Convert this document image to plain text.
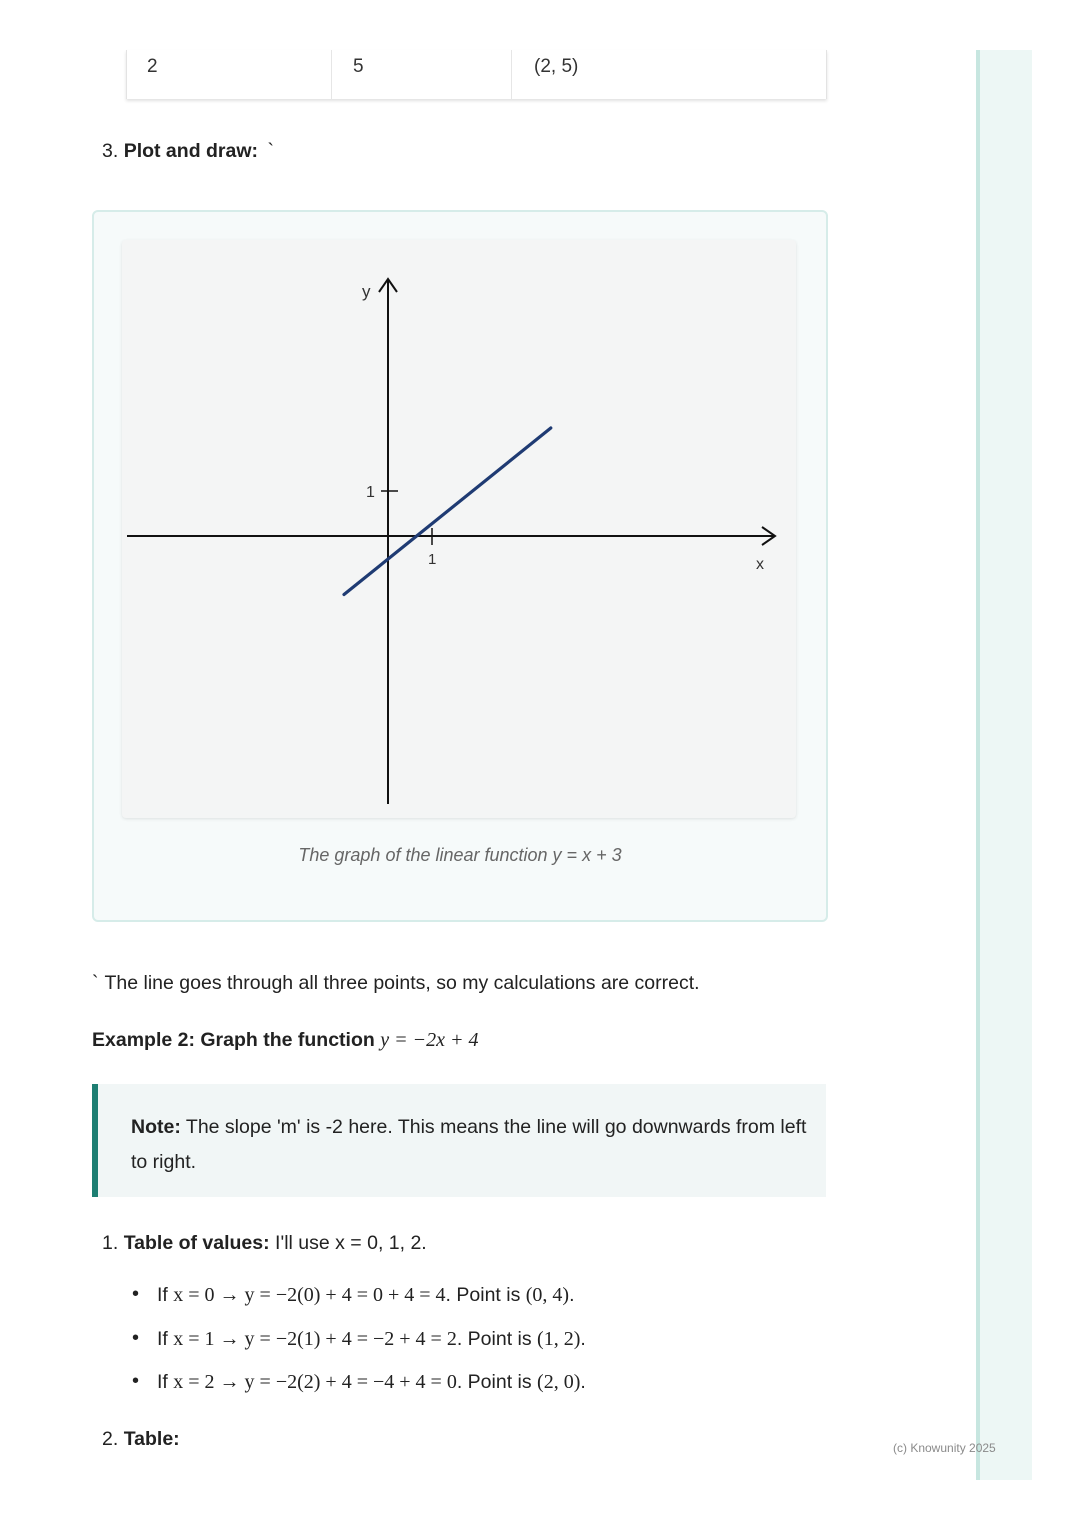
2	5	(2, 5)
3. Plot and draw: `
y
x
1
1
The graph of the linear function y = x + 3
` The line goes through all three points, so my calculations are correct.
Example 2: Graph the function y = −2x + 4
Note: The slope 'm' is -2 here. This means the line will go downwards from left to right.
1. Table of values: I'll use x = 0, 1, 2.
• If x = 0 → y = −2(0) + 4 = 0 + 4 = 4. Point is (0, 4).
• If x = 1 → y = −2(1) + 4 = −2 + 4 = 2. Point is (1, 2).
• If x = 2 → y = −2(2) + 4 = −4 + 4 = 0. Point is (2, 0).
2. Table:	(c) Knowunity 2025
